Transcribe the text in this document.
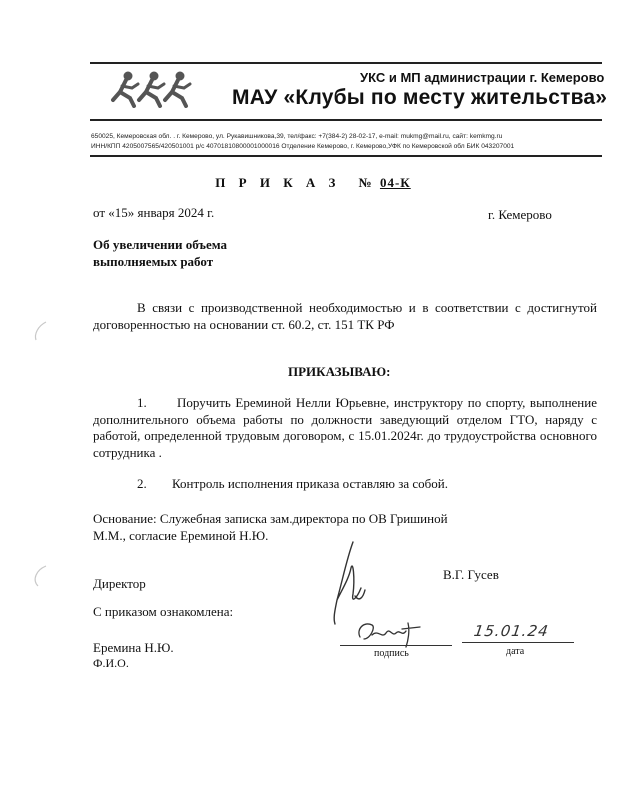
УКС и МП администрации г. Кемерово
МАУ «Клубы по месту жительства»
650025, Кемеровская обл. . г. Кемерово, ул. Рукавишникова,39, тел/факс: +7(384-2) 28-02-17, e-mail: mukmg@mail.ru, сайт: kemkmg.ru
ИНН/КПП 4205007565/420501001 р/с 40701810800001000016 Отделение Кемерово, г. Кемерово,УФК по Кемеровской обл БИК 043207001
П Р И К А З № 04-К
от «15» января 2024 г.	г. Кемерово
Об увеличении объема
выполняемых работ
В связи с производственной необходимостью и в соответствии с достигнутой договоренностью на основании ст. 60.2, ст. 151 ТК РФ
ПРИКАЗЫВАЮ:
1. Поручить Ереминой Нелли Юрьевне, инструктору по спорту, выполнение дополнительного объема работы по должности заведующий отделом ГТО, наряду с работой, определенной трудовым договором, с 15.01.2024г. до трудоустройства основного сотрудника .
2. Контроль исполнения приказа оставляю за собой.
Основание: Служебная записка зам.директора по ОВ Гришиной М.М., согласие Ереминой Н.Ю.
Директор
В.Г. Гусев
С приказом ознакомлена:
подпись
15.01.24
дата
Еремина Н.Ю.
Ф.И.О.
